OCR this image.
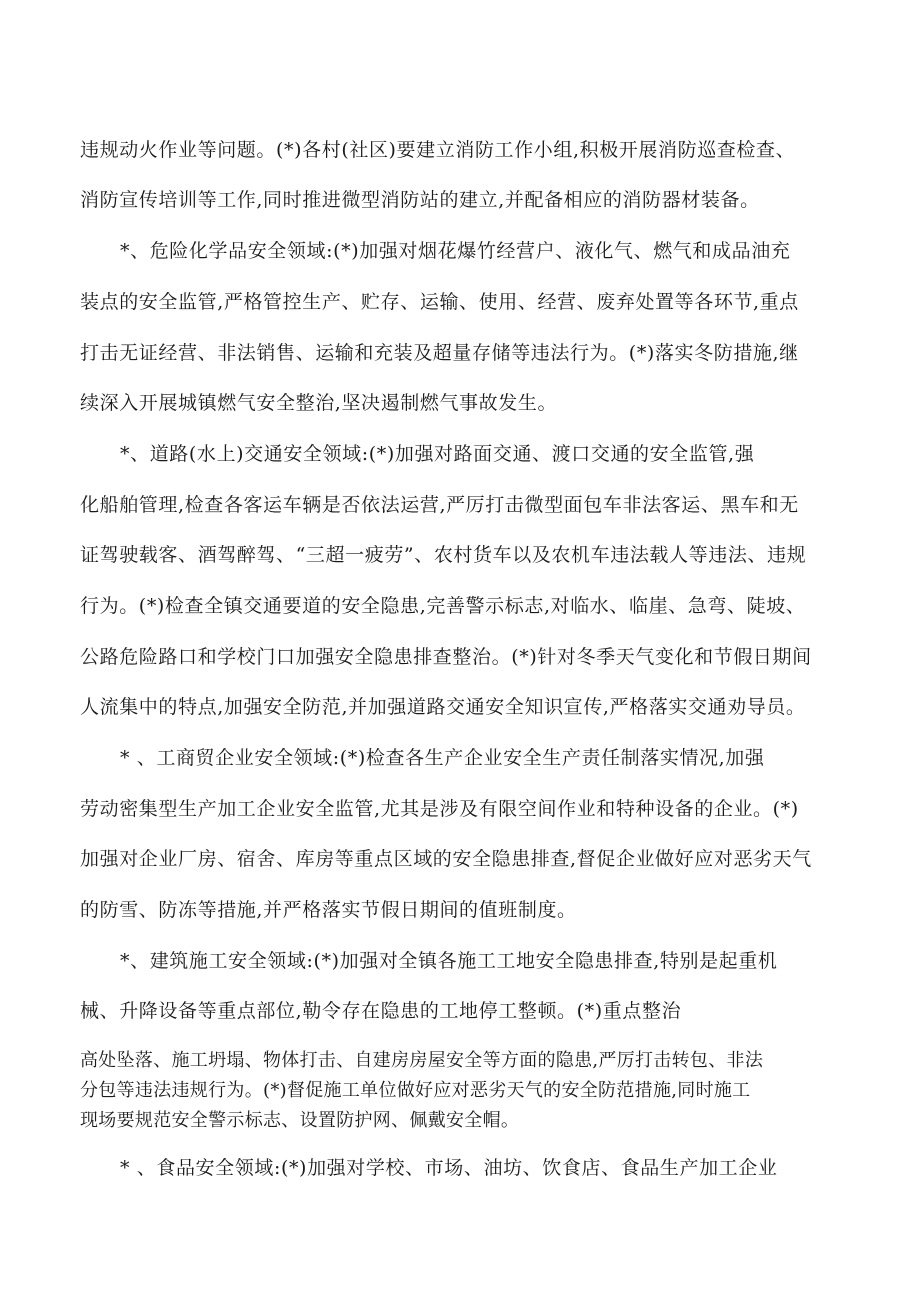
违规动火作业等问题。(*)各村(社区)要建立消防工作小组,积极开展消防巡查检查、
消防宣传培训等工作,同时推进微型消防站的建立,并配备相应的消防器材装备。
*、危险化学品安全领域:(*)加强对烟花爆竹经营户、液化气、燃气和成品油充
装点的安全监管,严格管控生产、贮存、运输、使用、经营、废弃处置等各环节,重点
打击无证经营、非法销售、运输和充装及超量存储等违法行为。(*)落实冬防措施,继
续深入开展城镇燃气安全整治,坚决遏制燃气事故发生。
*、道路(水上)交通安全领域:(*)加强对路面交通、渡口交通的安全监管,强
化船舶管理,检查各客运车辆是否依法运营,严厉打击微型面包车非法客运、黑车和无
证驾驶载客、酒驾醉驾、“三超一疲劳”、农村货车以及农机车违法载人等违法、违规
行为。(*)检查全镇交通要道的安全隐患,完善警示标志,对临水、临崖、急弯、陡坡、
公路危险路口和学校门口加强安全隐患排查整治。(*)针对冬季天气变化和节假日期间
人流集中的特点,加强安全防范,并加强道路交通安全知识宣传,严格落实交通劝导员。
* 、工商贸企业安全领域:(*)检查各生产企业安全生产责任制落实情况,加强
劳动密集型生产加工企业安全监管,尤其是涉及有限空间作业和特种设备的企业。(*)
加强对企业厂房、宿舍、库房等重点区域的安全隐患排查,督促企业做好应对恶劣天气
的防雪、防冻等措施,并严格落实节假日期间的值班制度。
*、建筑施工安全领域:(*)加强对全镇各施工工地安全隐患排查,特别是起重机
械、升降设备等重点部位,勒令存在隐患的工地停工整顿。(*)重点整治
高处坠落、施工坍塌、物体打击、自建房房屋安全等方面的隐患,严厉打击转包、非法
分包等违法违规行为。(*)督促施工单位做好应对恶劣天气的安全防范措施,同时施工
现场要规范安全警示标志、设置防护网、佩戴安全帽。
* 、食品安全领域:(*)加强对学校、市场、油坊、饮食店、食品生产加工企业
